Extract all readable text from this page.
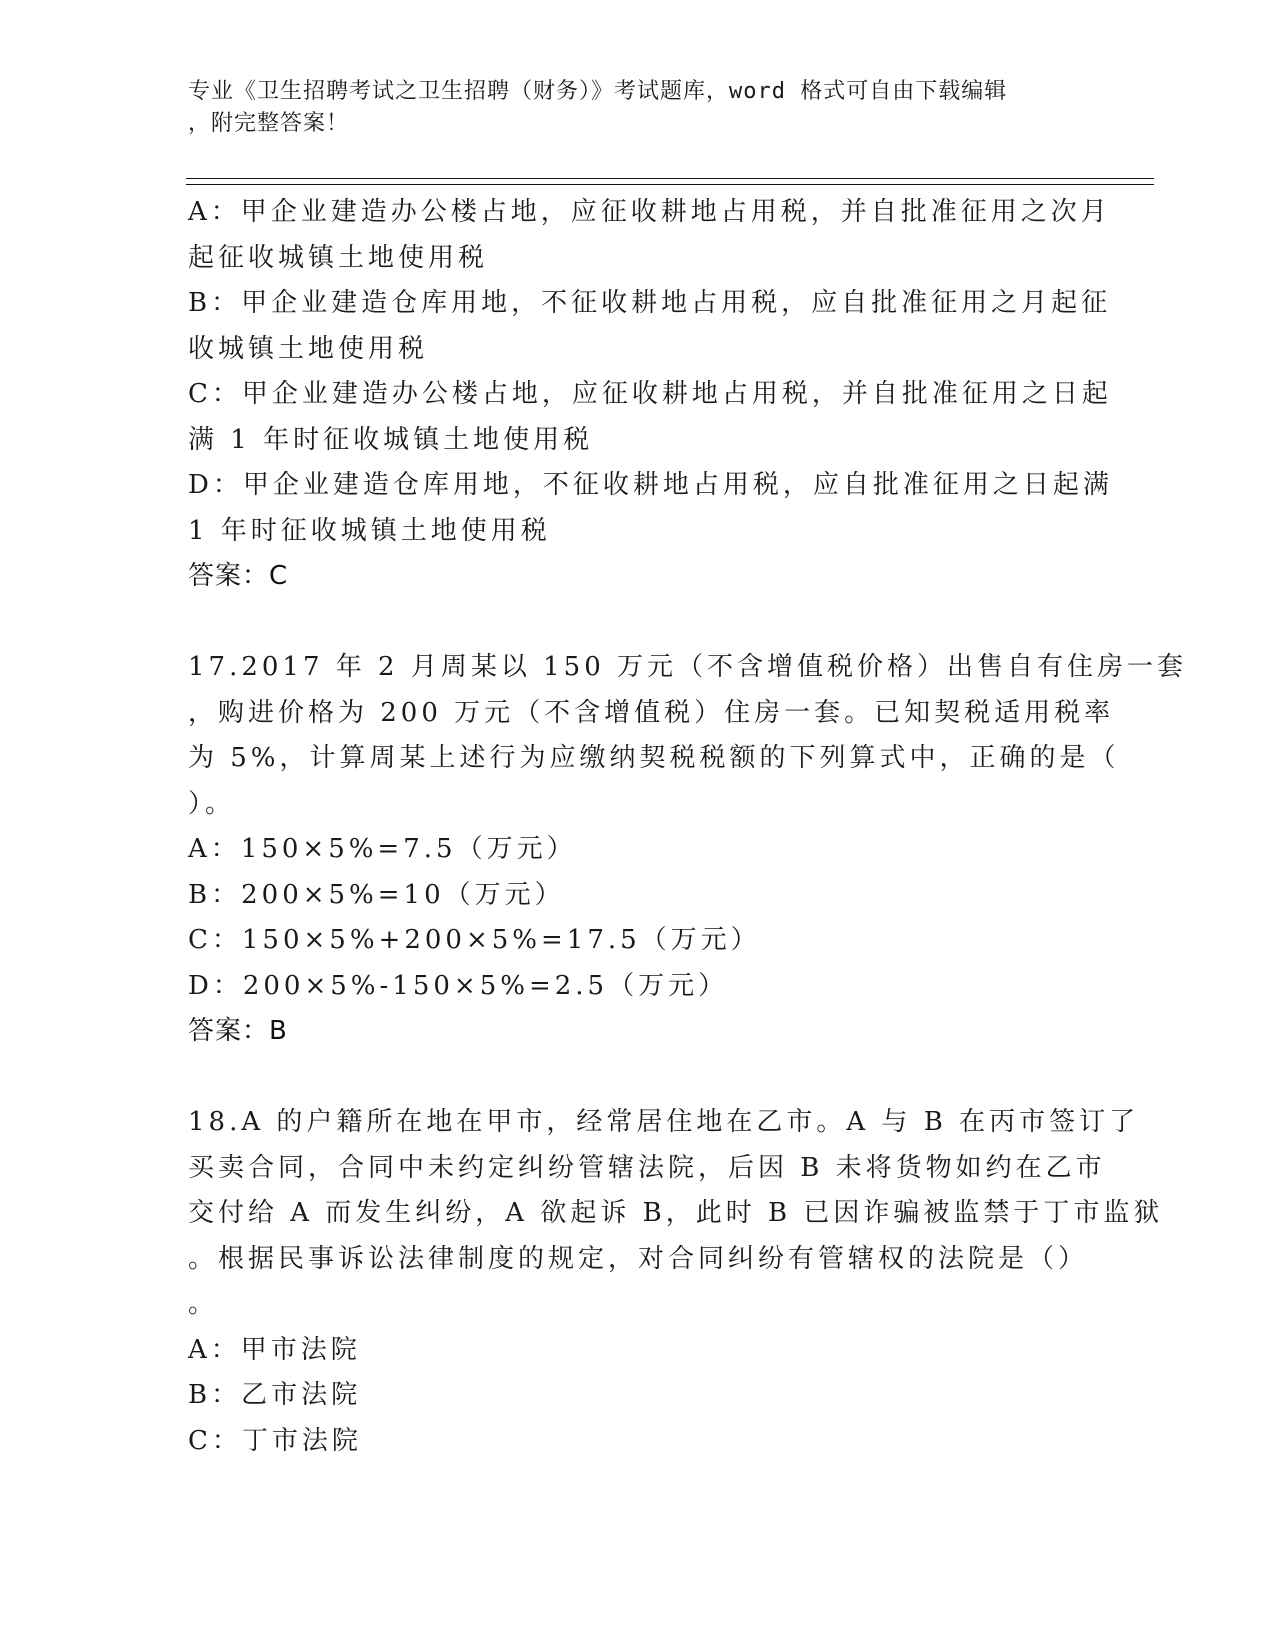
专业《卫生招聘考试之卫生招聘（财务）》考试题库，word 格式可自由下载编辑
，附完整答案！
A：甲企业建造办公楼占地，应征收耕地占用税，并自批准征用之次月
起征收城镇土地使用税
B：甲企业建造仓库用地，不征收耕地占用税，应自批准征用之月起征
收城镇土地使用税
C：甲企业建造办公楼占地，应征收耕地占用税，并自批准征用之日起
满 1 年时征收城镇土地使用税
D：甲企业建造仓库用地，不征收耕地占用税，应自批准征用之日起满
1 年时征收城镇土地使用税
答案：C
17.2017 年 2 月周某以 150 万元（不含增值税价格）出售自有住房一套
，购进价格为 200 万元（不含增值税）住房一套。已知契税适用税率
为 5%，计算周某上述行为应缴纳契税税额的下列算式中，正确的是（
）。
A：150×5%=7.5（万元）
B：200×5%=10（万元）
C：150×5%+200×5%=17.5（万元）
D：200×5%-150×5%=2.5（万元）
答案：B
18.A 的户籍所在地在甲市，经常居住地在乙市。A 与 B 在丙市签订了
买卖合同，合同中未约定纠纷管辖法院，后因 B 未将货物如约在乙市
交付给 A 而发生纠纷，A 欲起诉 B，此时 B 已因诈骗被监禁于丁市监狱
。根据民事诉讼法律制度的规定，对合同纠纷有管辖权的法院是（）
。
A：甲市法院
B：乙市法院
C：丁市法院
